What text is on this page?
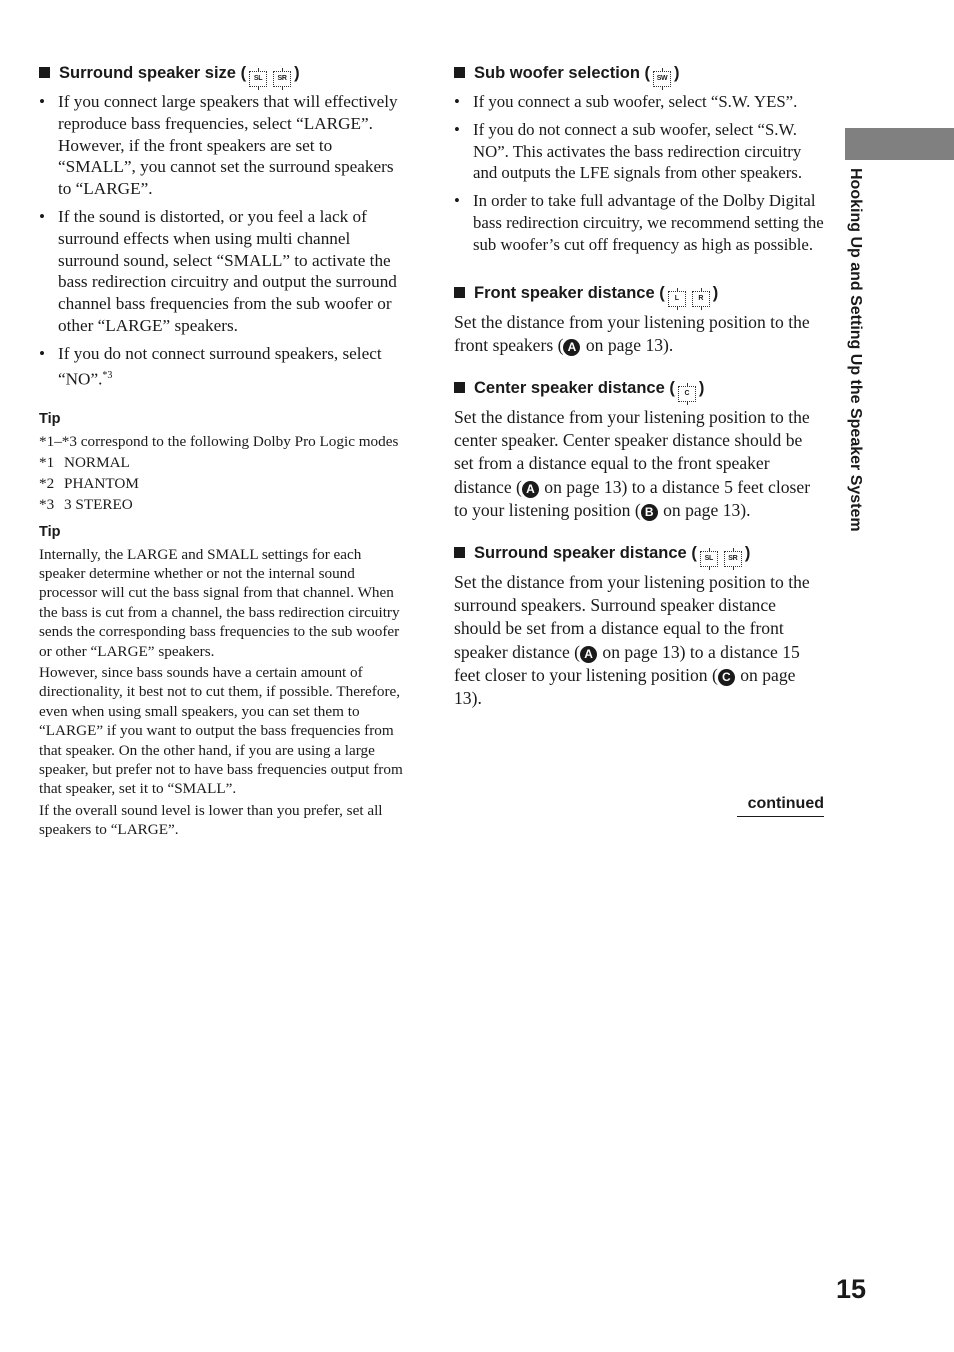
Surround speaker size ( SL SR )
• If you connect large speakers that will effectively reproduce bass frequencies, select “LARGE”. However, if the front speakers are set to “SMALL”, you cannot set the surround speakers to “LARGE”.
• If the sound is distorted, or you feel a lack of surround effects when using multi channel surround sound, select “SMALL” to activate the bass redirection circuitry and output the surround channel bass frequencies from the sub woofer or other “LARGE” speakers.
• If you do not connect surround speakers, select “NO”.$^{*3}$
Tip

*1–*3 correspond to the following Dolby Pro Logic modes

*1 NORMAL

*2 PHANTOM

*3 3 STEREO

Tip

Internally, the LARGE and SMALL settings for each speaker determine whether or not the internal sound processor will cut the bass signal from that channel. When the bass is cut from a channel, the bass redirection circuitry sends the corresponding bass frequencies to the sub woofer or other “LARGE” speakers.

However, since bass sounds have a certain amount of directionality, it best not to cut them, if possible. Therefore, even when using small speakers, you can set them to “LARGE” if you want to output the bass frequencies from that speaker. On the other hand, if you are using a large speaker, but prefer not to have bass frequencies output from that speaker, set it to “SMALL”.

If the overall sound level is lower than you prefer, set all speakers to “LARGE”.

Sub woofer selection ( SW )
• If you connect a sub woofer, select “S.W. YES”.
• If you do not connect a sub woofer, select “S.W. NO”. This activates the bass redirection circuitry and outputs the LFE signals from other speakers.
• In order to take full advantage of the Dolby Digital bass redirection circuitry, we recommend setting the sub woofer’s cut off frequency as high as possible.
Front speaker distance ( L	R )

Set the distance from your listening position to the front speakers ( A on page 13).

Center speaker distance ( C )

Set the distance from your listening position to the center speaker. Center speaker distance should be set from a distance equal to the front speaker distance ( A on page 13) to a distance 5 feet closer to your listening position ( B on page 13).

Surround speaker distance ( SL SR )

Set the distance from your listening position to the surround speakers. Surround speaker distance should be set from a distance equal to the front speaker distance ( A on page 13) to a distance 15 feet closer to your listening position ( C on page 13).

continued
Hooking Up and Setting Up the Speaker System
15
